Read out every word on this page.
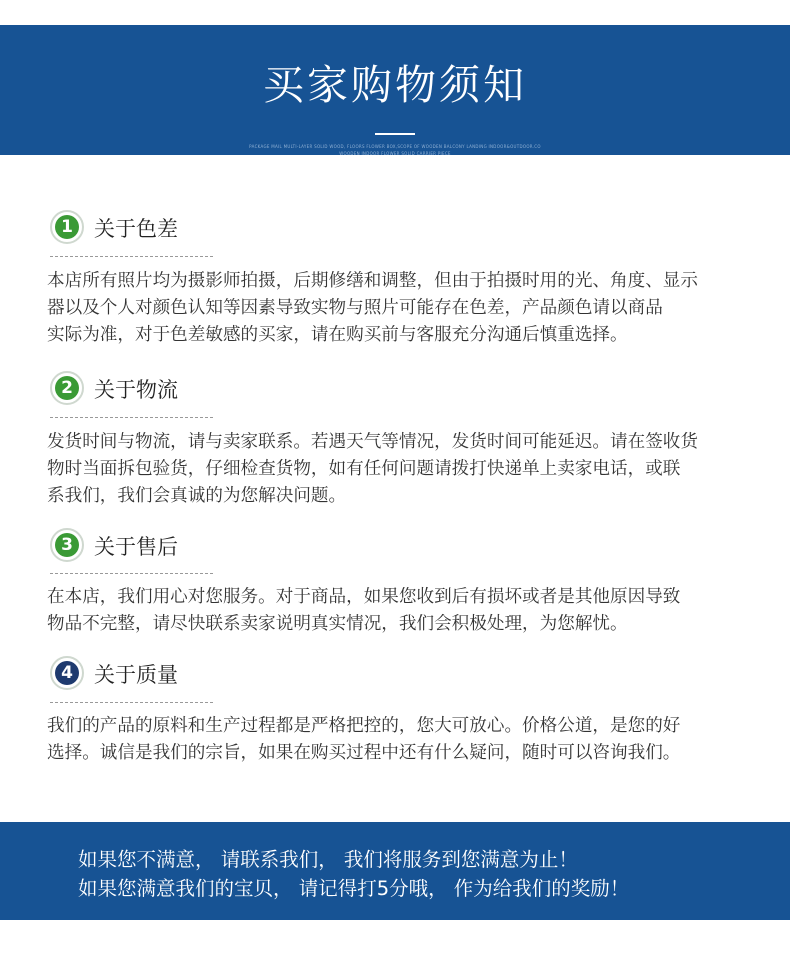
买家购物须知
PACKAGE MAIL MULTI-LAYER SOLID WOOD, FLOORS FLOWER BOX,SCOPE OF WOODEN BALCONY LANDING INDOOR&OUTDOOR.CO
WOODEN INDOOR FLOWER SOLID CARRIER PIECE
1 关于色差
本店所有照片均为摄影师拍摄，后期修缮和调整，但由于拍摄时用的光、角度、显示
器以及个人对颜色认知等因素导致实物与照片可能存在色差，产品颜色请以商品
实际为准，对于色差敏感的买家，请在购买前与客服充分沟通后慎重选择。
2 关于物流
发货时间与物流，请与卖家联系。若遇天气等情况，发货时间可能延迟。请在签收货
物时当面拆包验货，仔细检查货物，如有任何问题请拨打快递单上卖家电话，或联
系我们，我们会真诚的为您解决问题。
3 关于售后
在本店，我们用心对您服务。对于商品，如果您收到后有损坏或者是其他原因导致
物品不完整，请尽快联系卖家说明真实情况，我们会积极处理，为您解忧。
4 关于质量
我们的产品的原料和生产过程都是严格把控的，您大可放心。价格公道，是您的好
选择。诚信是我们的宗旨，如果在购买过程中还有什么疑问，随时可以咨询我们。
如果您不满意， 请联系我们， 我们将服务到您满意为止！
如果您满意我们的宝贝， 请记得打5分哦， 作为给我们的奖励！
